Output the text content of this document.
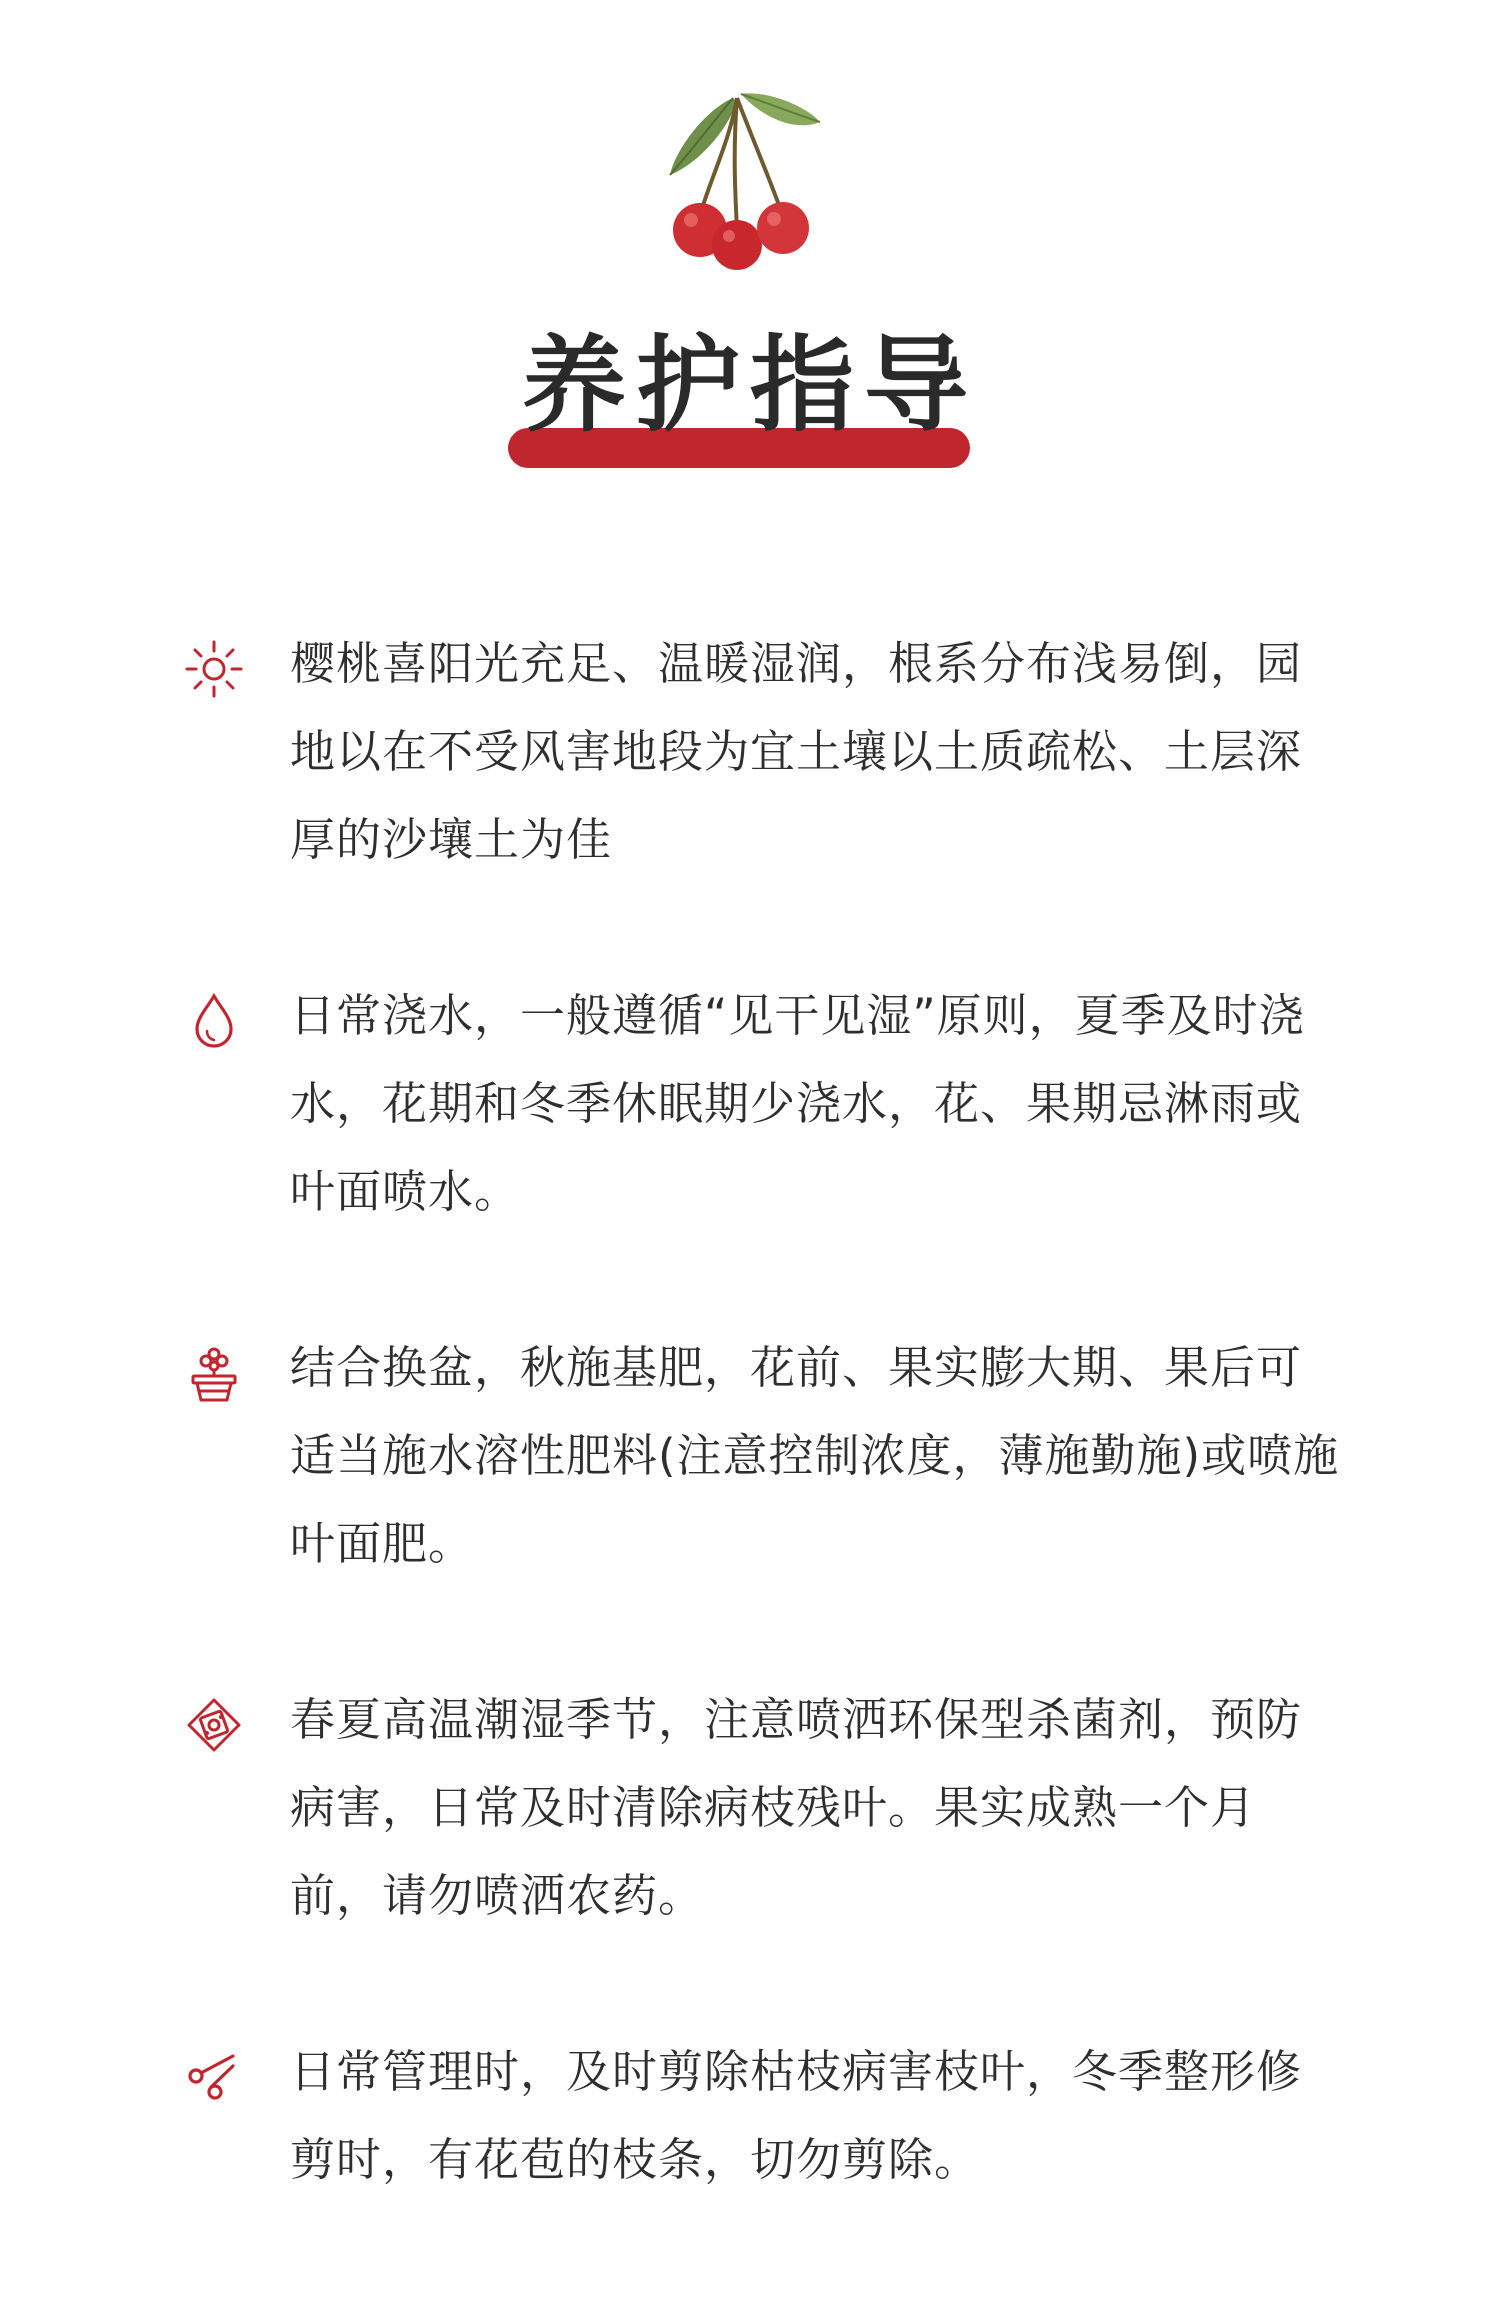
养护指导
樱桃喜阳光充足、温暖湿润，根系分布浅易倒，园地以在不受风害地段为宜土壤以土质疏松、土层深厚的沙壤土为佳
日常浇水，一般遵循“见干见湿”原则，夏季及时浇水，花期和冬季休眠期少浇水，花、果期忌淋雨或叶面喷水。
结合换盆，秋施基肥，花前、果实膨大期、果后可适当施水溶性肥料(注意控制浓度，薄施勤施)或喷施叶面肥。
春夏高温潮湿季节，注意喷洒环保型杀菌剂，预防病害，日常及时清除病枝残叶。果实成熟一个月前，请勿喷洒农药。
日常管理时，及时剪除枯枝病害枝叶，冬季整形修剪时，有花苞的枝条，切勿剪除。
